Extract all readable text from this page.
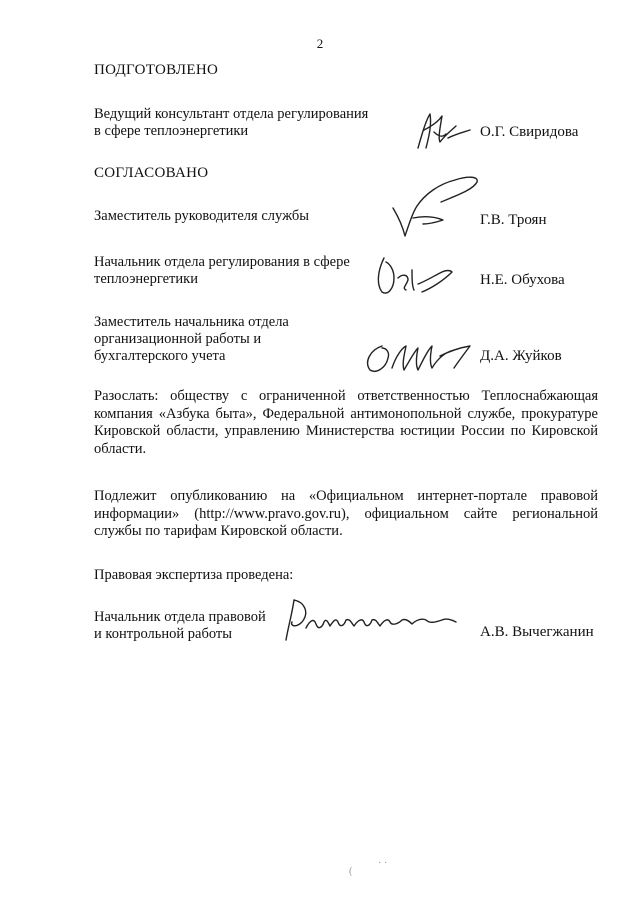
2
ПОДГОТОВЛЕНО
Ведущий консультант отдела регулирования
в сфере теплоэнергетики	О.Г. Свиридова
СОГЛАСОВАНО
Заместитель руководителя службы	Г.В. Троян
Начальник отдела регулирования в сфере
теплоэнергетики	Н.Е. Обухова
Заместитель начальника отдела
организационной работы и
бухгалтерского учета	Д.А. Жуйков
Разослать: обществу с ограниченной ответственностью Теплоснабжающая компания «Азбука быта», Федеральной антимонопольной службе, прокуратуре Кировской области, управлению Министерства юстиции России по Кировской области.
Подлежит опубликованию на «Официальном интернет-портале правовой информации» (http://www.pravo.gov.ru), официальном сайте региональной службы по тарифам Кировской области.
Правовая экспертиза проведена:
Начальник отдела правовой
и контрольной работы	А.В. Вычегжанин
(
· ·
